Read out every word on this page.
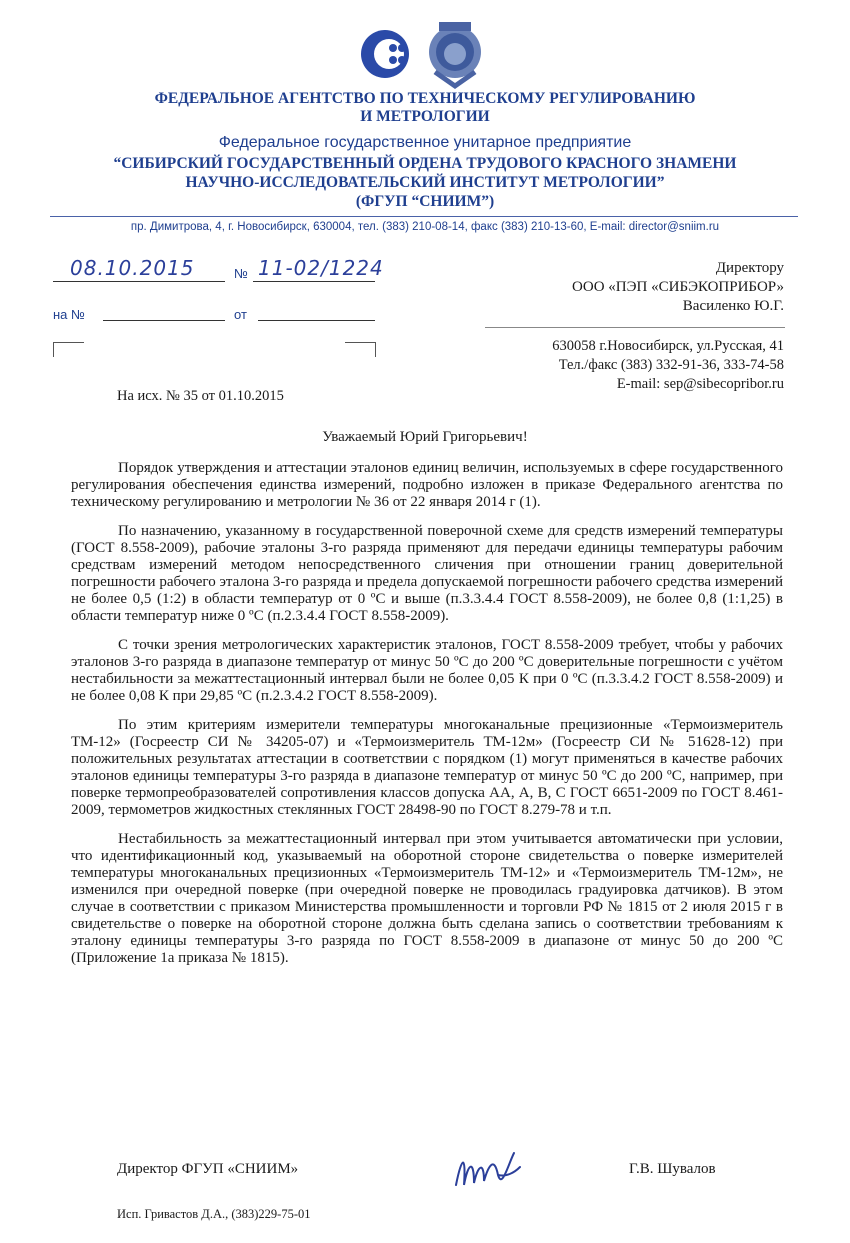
ФЕДЕРАЛЬНОЕ АГЕНТСТВО ПО ТЕХНИЧЕСКОМУ РЕГУЛИРОВАНИЮ
И МЕТРОЛОГИИ
Федеральное государственное унитарное предприятие
“СИБИРСКИЙ ГОСУДАРСТВЕННЫЙ ОРДЕНА ТРУДОВОГО КРАСНОГО ЗНАМЕНИ
НАУЧНО-ИССЛЕДОВАТЕЛЬСКИЙ ИНСТИТУТ МЕТРОЛОГИИ”
(ФГУП “СНИИМ”)
пр. Димитрова, 4, г. Новосибирск, 630004, тел. (383) 210-08-14, факс (383) 210-13-60, E-mail: director@sniim.ru
08.10.2015	№ 11-02/1224
на №	от
Директору
ООО «ПЭП «СИБЭКОПРИБОР»
Василенко Ю.Г.
630058 г.Новосибирск, ул.Русская, 41
Тел./факс (383) 332-91-36, 333-74-58
E-mail: sep@sibecopribor.ru
На исх. № 35 от 01.10.2015
Уважаемый Юрий Григорьевич!

Порядок утверждения и аттестации эталонов единиц величин, используемых в сфере государственного регулирования обеспечения единства измерений, подробно изложен в приказе Федерального агентства по техническому регулированию и метрологии № 36 от 22 января 2014 г (1).

По назначению, указанному в государственной поверочной схеме для средств измерений температуры (ГОСТ 8.558-2009), рабочие эталоны 3-го разряда применяют для передачи единицы температуры рабочим средствам измерений методом непосредственного сличения при отношении границ доверительной погрешности рабочего эталона 3-го разряда и предела допускаемой погрешности рабочего средства измерений не более 0,5 (1:2) в области температур от 0 ºC и выше (п.3.3.4.4 ГОСТ 8.558-2009), не более 0,8 (1:1,25) в области температур ниже 0 ºC (п.2.3.4.4 ГОСТ 8.558-2009).

С точки зрения метрологических характеристик эталонов, ГОСТ 8.558-2009 требует, чтобы у рабочих эталонов 3-го разряда в диапазоне температур от минус 50 ºC до 200 ºC доверительные погрешности с учётом нестабильности за межаттестационный интервал были не более 0,05 К при 0 ºC (п.3.3.4.2 ГОСТ 8.558-2009) и не более 0,08 К при 29,85 ºC (п.2.3.4.2 ГОСТ 8.558-2009).

По этим критериям измерители температуры многоканальные прецизионные «Термоизмеритель ТМ-12» (Госреестр СИ № 34205-07) и «Термоизмеритель ТМ-12м» (Госреестр СИ № 51628-12) при положительных результатах аттестации в соответствии с порядком (1) могут применяться в качестве рабочих эталонов единицы температуры 3-го разряда в диапазоне температур от минус 50 ºC до 200 ºC, например, при поверке термопреобразователей сопротивления классов допуска АА, А, В, С ГОСТ 6651-2009 по ГОСТ 8.461-2009, термометров жидкостных стеклянных ГОСТ 28498-90 по ГОСТ 8.279-78 и т.п.

Нестабильность за межаттестационный интервал при этом учитывается автоматически при условии, что идентификационный код, указываемый на оборотной стороне свидетельства о поверке измерителей температуры многоканальных прецизионных «Термоизмеритель ТМ-12» и «Термоизмеритель ТМ-12м», не изменился при очередной поверке (при очередной поверке не проводилась градуировка датчиков). В этом случае в соответствии с приказом Министерства промышленности и торговли РФ № 1815 от 2 июля 2015 г в свидетельстве о поверке на оборотной стороне должна быть сделана запись о соответствии требованиям к эталону единицы температуры 3-го разряда по ГОСТ 8.558-2009 в диапазоне от минус 50 до 200 ºC (Приложение 1а приказа № 1815).

Директор ФГУП «СНИИМ»	Г.В. Шувалов
Исп. Гривастов Д.А., (383)229-75-01
